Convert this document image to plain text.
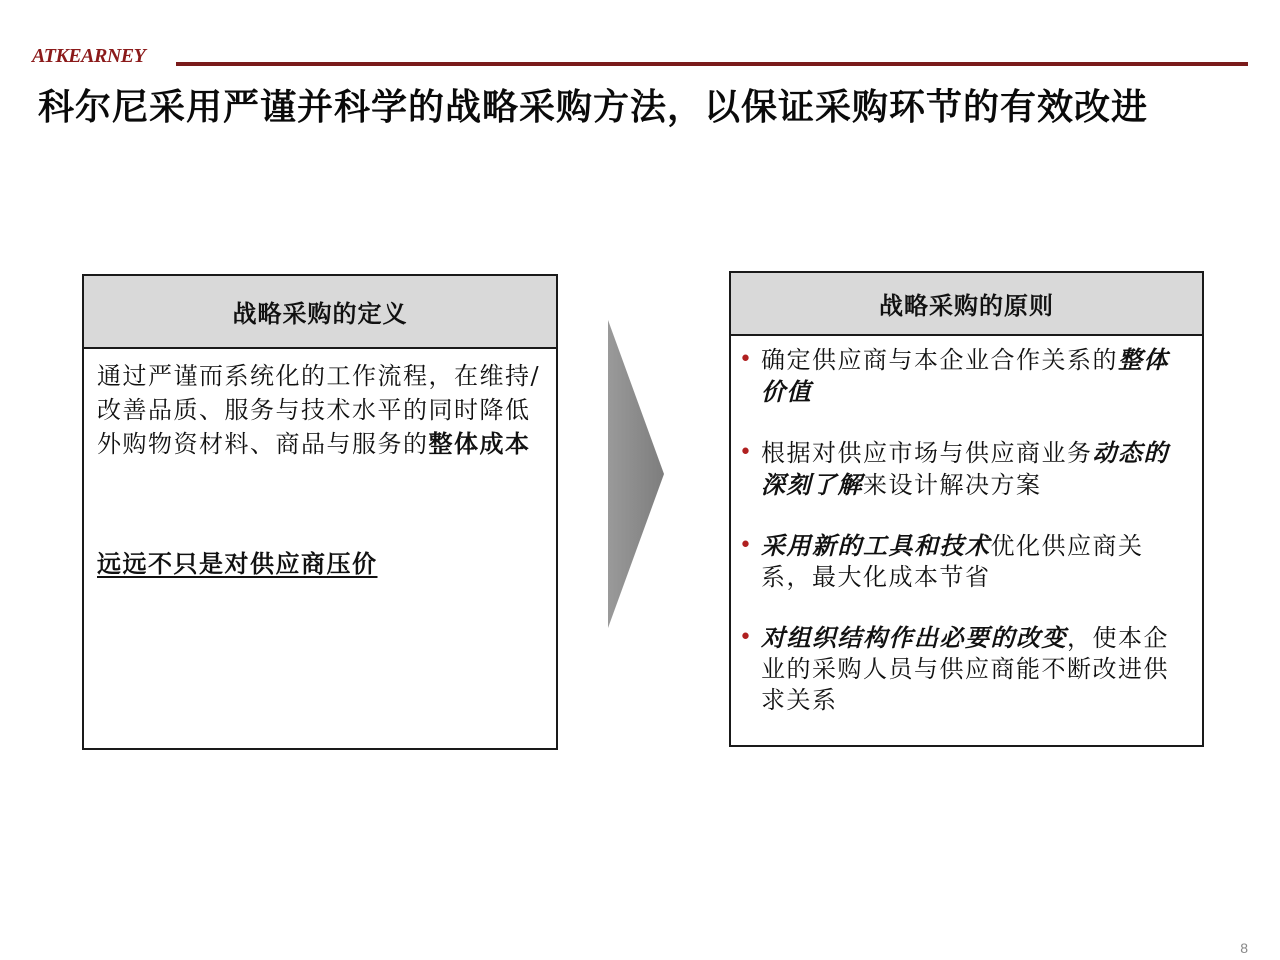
ATKEARNEY
科尔尼采用严谨并科学的战略采购方法，以保证采购环节的有效改进
战略采购的定义
通过严谨而系统化的工作流程，在维持/改善品质、服务与技术水平的同时降低外购物资材料、商品与服务的整体成本
远远不只是对供应商压价
战略采购的原则
• 确定供应商与本企业合作关系的整体价值
• 根据对供应市场与供应商业务动态的深刻了解来设计解决方案
• 采用新的工具和技术优化供应商关系，最大化成本节省
• 对组织结构作出必要的改变，使本企业的采购人员与供应商能不断改进供求关系
8
